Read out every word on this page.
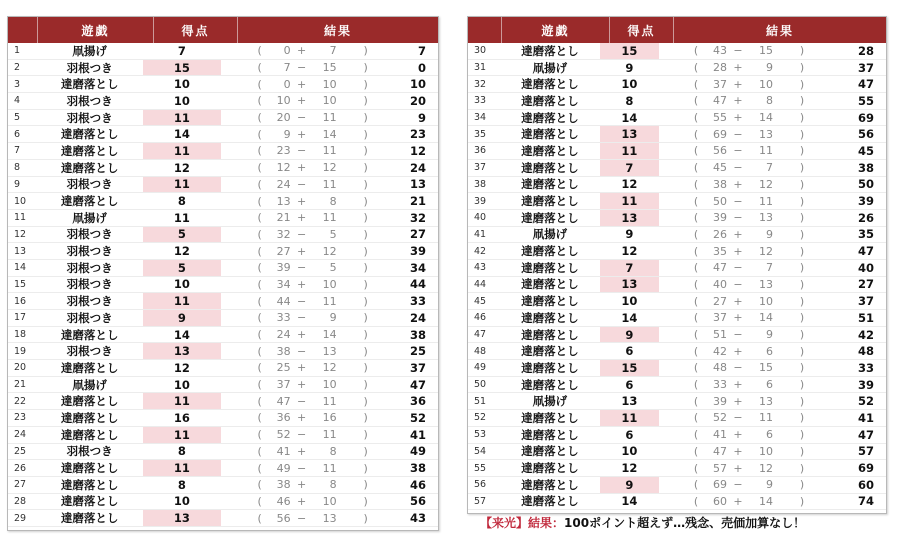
遊戯	得点	結果
1	凧揚げ	7	(	0 +	7	)	7
2	羽根つき	15	(	7 −	15	)	0
3	達磨落とし	10	(	0 +	10	)	10
4	羽根つき	10	(	10 +	10	)	20
5	羽根つき	11	(	20 −	11	)	9
6	達磨落とし	14	(	9 +	14	)	23
7	達磨落とし	11	(	23 −	11	)	12
8	達磨落とし	12	(	12 +	12	)	24
9	羽根つき	11	(	24 −	11	)	13
10	達磨落とし	8	(	13 +	8	)	21
11	凧揚げ	11	(	21 +	11	)	32
12	羽根つき	5	(	32 −	5	)	27
13	羽根つき	12	(	27 +	12	)	39
14	羽根つき	5	(	39 −	5	)	34
15	羽根つき	10	(	34 +	10	)	44
16	羽根つき	11	(	44 −	11	)	33
17	羽根つき	9	(	33 −	9	)	24
18	達磨落とし	14	(	24 +	14	)	38
19	羽根つき	13	(	38 −	13	)	25
20	達磨落とし	12	(	25 +	12	)	37
21	凧揚げ	10	(	37 +	10	)	47
22	達磨落とし	11	(	47 −	11	)	36
23	達磨落とし	16	(	36 +	16	)	52
24	達磨落とし	11	(	52 −	11	)	41
25	羽根つき	8	(	41 +	8	)	49
26	達磨落とし	11	(	49 −	11	)	38
27	達磨落とし	8	(	38 +	8	)	46
28	達磨落とし	10	(	46 +	10	)	56
29	達磨落とし	13	(	56 −	13	)	43
遊戯	得点	結果
30	達磨落とし	15	(	43 −	15	)	28
31	凧揚げ	9	(	28 +	9	)	37
32	達磨落とし	10	(	37 +	10	)	47
33	達磨落とし	8	(	47 +	8	)	55
34	達磨落とし	14	(	55 +	14	)	69
35	達磨落とし	13	(	69 −	13	)	56
36	達磨落とし	11	(	56 −	11	)	45
37	達磨落とし	7	(	45 −	7	)	38
38	達磨落とし	12	(	38 +	12	)	50
39	達磨落とし	11	(	50 −	11	)	39
40	達磨落とし	13	(	39 −	13	)	26
41	凧揚げ	9	(	26 +	9	)	35
42	達磨落とし	12	(	35 +	12	)	47
43	達磨落とし	7	(	47 −	7	)	40
44	達磨落とし	13	(	40 −	13	)	27
45	達磨落とし	10	(	27 +	10	)	37
46	達磨落とし	14	(	37 +	14	)	51
47	達磨落とし	9	(	51 −	9	)	42
48	達磨落とし	6	(	42 +	6	)	48
49	達磨落とし	15	(	48 −	15	)	33
50	達磨落とし	6	(	33 +	6	)	39
51	凧揚げ	13	(	39 +	13	)	52
52	達磨落とし	11	(	52 −	11	)	41
53	達磨落とし	6	(	41 +	6	)	47
54	達磨落とし	10	(	47 +	10	)	57
55	達磨落とし	12	(	57 +	12	)	69
56	達磨落とし	9	(	69 −	9	)	60
57	達磨落とし	14	(	60 +	14	)	74
【来光】結果：100ポイント超えず…残念、売価加算なし！
